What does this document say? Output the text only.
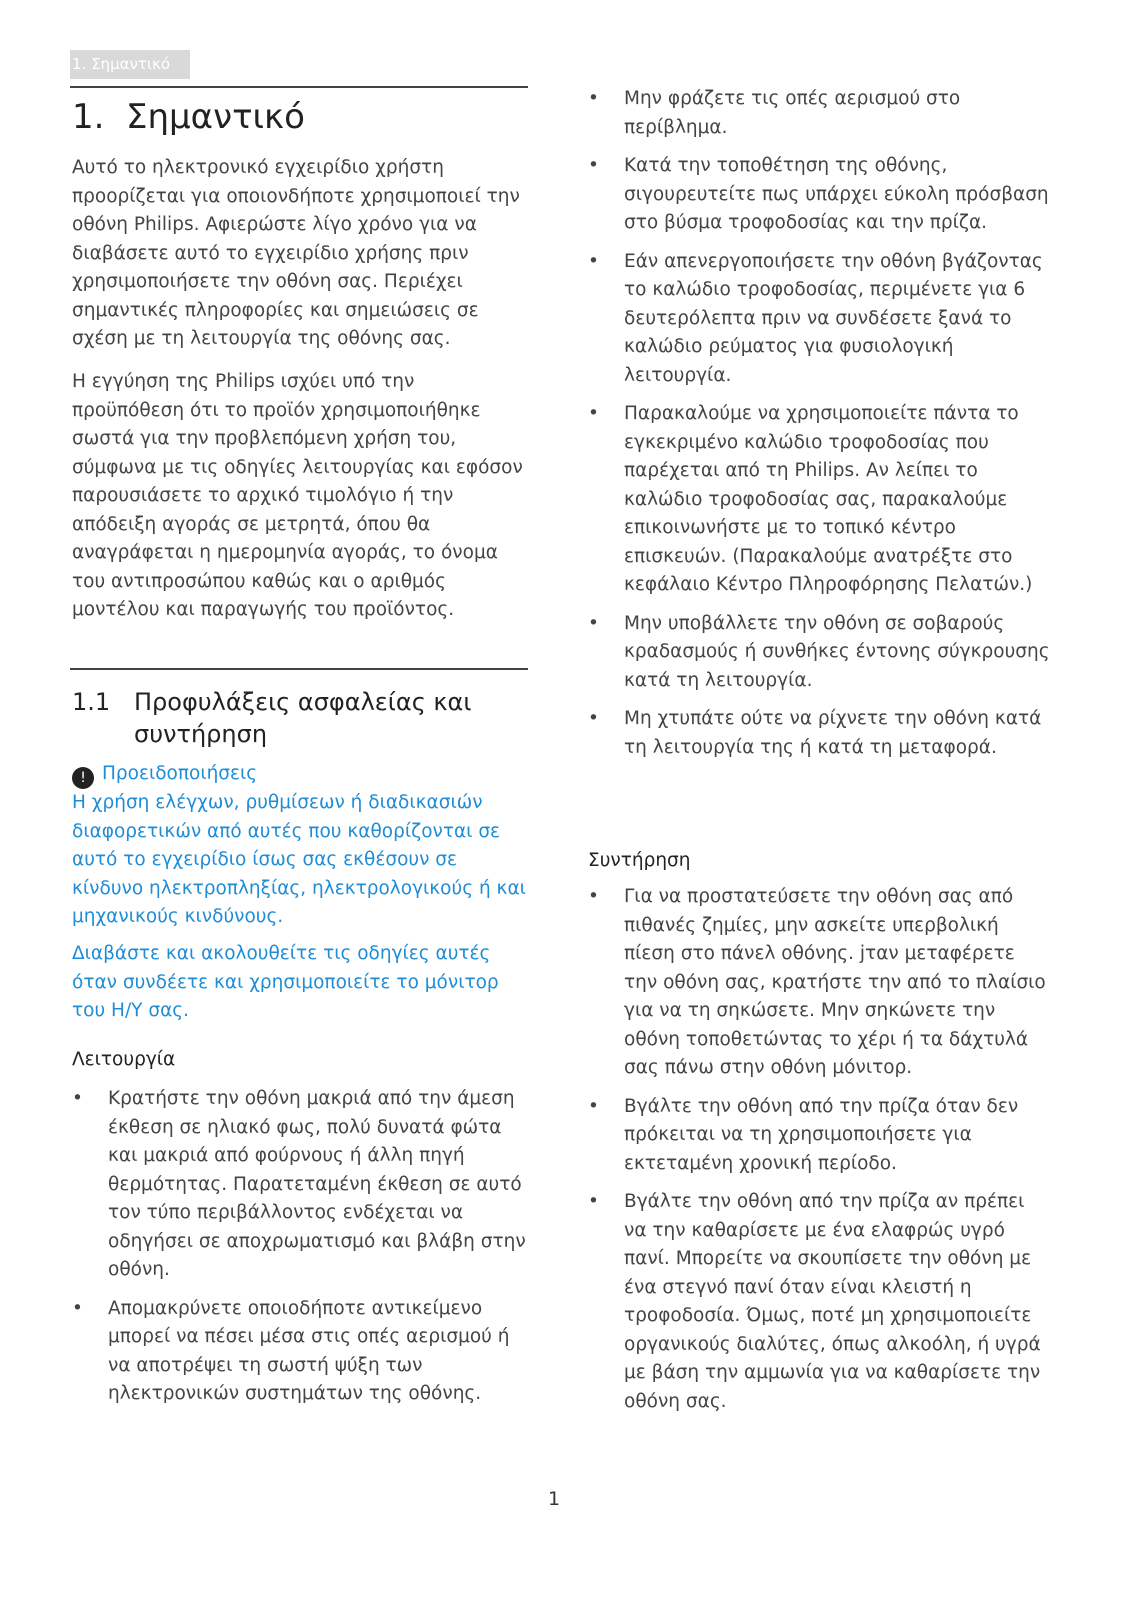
1. Σημαντικό
1. Σημαντικό

Αυτό το ηλεκτρονικό εγχειρίδιο χρήστη προορίζεται για οποιονδήποτε χρησιμοποιεί την οθόνη Philips. Αφιερώστε λίγο χρόνο για να διαβάσετε αυτό το εγχειρίδιο χρήσης πριν χρησιμοποιήσετε την οθόνη σας. Περιέχει σημαντικές πληροφορίες και σημειώσεις σε σχέση με τη λειτουργία της οθόνης σας.

Η εγγύηση της Philips ισχύει υπό την προϋπόθεση ότι το προϊόν χρησιμοποιήθηκε σωστά για την προβλεπόμενη χρήση του, σύμφωνα με τις οδηγίες λειτουργίας και εφόσον παρουσιάσετε το αρχικό τιμολόγιο ή την απόδειξη αγοράς σε μετρητά, όπου θα αναγράφεται η ημερομηνία αγοράς, το όνομα του αντιπροσώπου καθώς και ο αριθμός μοντέλου και παραγωγής του προϊόντος.

1.1 Προφυλάξεις ασφαλείας και συντήρηση
! Προειδοποιήσεις

Η χρήση ελέγχων, ρυθμίσεων ή διαδικασιών διαφορετικών από αυτές που καθορίζονται σε αυτό το εγχειρίδιο ίσως σας εκθέσουν σε κίνδυνο ηλεκτροπληξίας, ηλεκτρολογικούς ή και μηχανικούς κινδύνους.

Διαβάστε και ακολουθείτε τις οδηγίες αυτές όταν συνδέετε και χρησιμοποιείτε το μόνιτορ του Η/Υ σας.

Λειτουργία
• Κρατήστε την οθόνη μακριά από την άμεση έκθεση σε ηλιακό φως, πολύ δυνατά φώτα και μακριά από φούρνους ή άλλη πηγή θερμότητας. Παρατεταμένη έκθεση σε αυτό τον τύπο περιβάλλοντος ενδέχεται να οδηγήσει σε αποχρωματισμό και βλάβη στην οθόνη.
• Απομακρύνετε οποιοδήποτε αντικείμενο μπορεί να πέσει μέσα στις οπές αερισμού ή να αποτρέψει τη σωστή ψύξη των ηλεκτρονικών συστημάτων της οθόνης.
• Μην φράζετε τις οπές αερισμού στο περίβλημα.
• Κατά την τοποθέτηση της οθόνης, σιγουρευτείτε πως υπάρχει εύκολη πρόσβαση στο βύσμα τροφοδοσίας και την πρίζα.
• Εάν απενεργοποιήσετε την οθόνη βγάζοντας το καλώδιο τροφοδοσίας, περιμένετε για 6 δευτερόλεπτα πριν να συνδέσετε ξανά το καλώδιο ρεύματος για φυσιολογική λειτουργία.
• Παρακαλούμε να χρησιμοποιείτε πάντα το εγκεκριμένο καλώδιο τροφοδοσίας που παρέχεται από τη Philips. Αν λείπει το καλώδιο τροφοδοσίας σας, παρακαλούμε επικοινωνήστε με το τοπικό κέντρο επισκευών. (Παρακαλούμε ανατρέξτε στο κεφάλαιο Κέντρο Πληροφόρησης Πελατών.)
• Μην υποβάλλετε την οθόνη σε σοβαρούς κραδασμούς ή συνθήκες έντονης σύγκρουσης κατά τη λειτουργία.
• Μη χτυπάτε ούτε να ρίχνετε την οθόνη κατά τη λειτουργία της ή κατά τη μεταφορά.
Συντήρηση
• Για να προστατεύσετε την οθόνη σας από πιθανές ζημίες, μην ασκείτε υπερβολική πίεση στο πάνελ οθόνης. ϳταν μεταφέρετε την οθόνη σας, κρατήστε την από το πλαίσιο για να τη σηκώσετε. Μην σηκώνετε την οθόνη τοποθετώντας το χέρι ή τα δάχτυλά σας πάνω στην οθόνη μόνιτορ.
• Βγάλτε την οθόνη από την πρίζα όταν δεν πρόκειται να τη χρησιμοποιήσετε για εκτεταμένη χρονική περίοδο.
• Βγάλτε την οθόνη από την πρίζα αν πρέπει να την καθαρίσετε με ένα ελαφρώς υγρό πανί. Μπορείτε να σκουπίσετε την οθόνη με ένα στεγνό πανί όταν είναι κλειστή η τροφοδοσία. Όμως, ποτέ μη χρησιμοποιείτε οργανικούς διαλύτες, όπως αλκοόλη, ή υγρά με βάση την αμμωνία για να καθαρίσετε την οθόνη σας.
1
